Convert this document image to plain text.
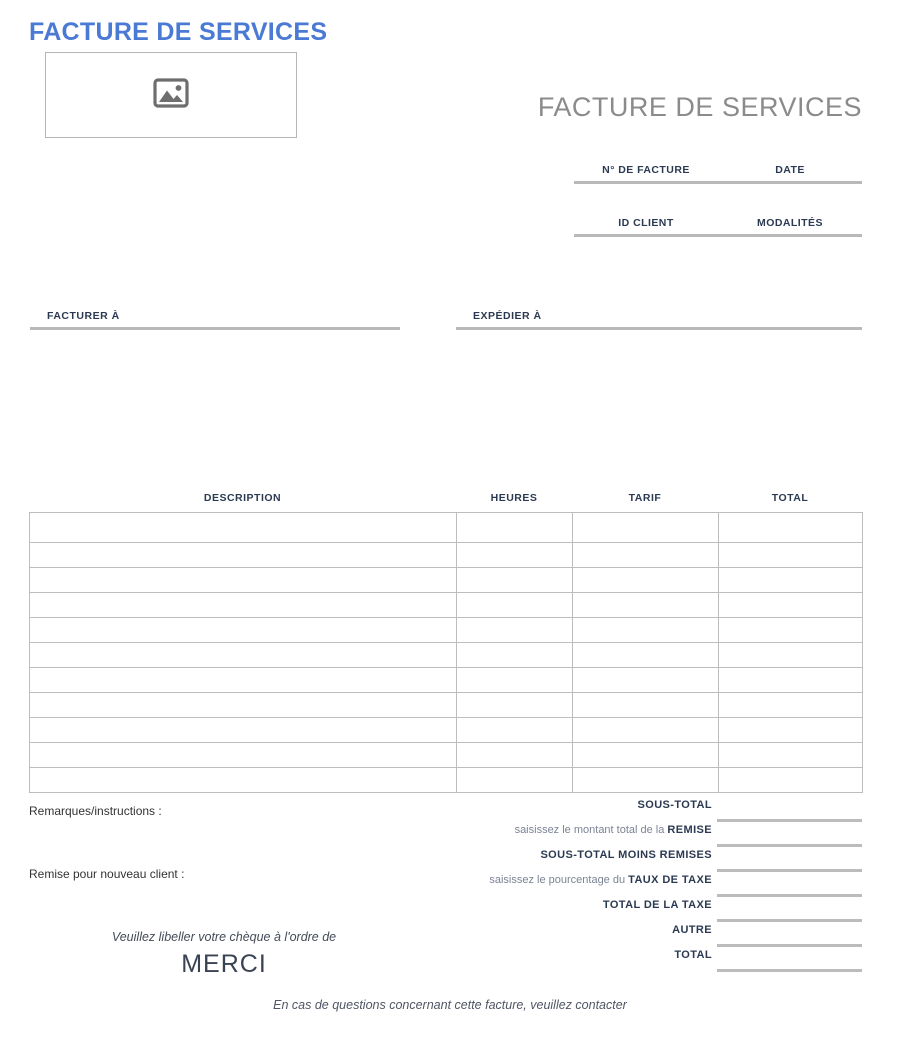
FACTURE DE SERVICES
FACTURE DE SERVICES
N° DE FACTURE	DATE
ID CLIENT	MODALITÉS
FACTURER À	EXPÉDIER À
DESCRIPTION	HEURES	TARIF	TOTAL

Remarques/instructions :
Remise pour nouveau client :
Veuillez libeller votre chèque à l'ordre de
MERCI
En cas de questions concernant cette facture, veuillez contacter
SOUS-TOTAL
saisissez le montant total de la REMISE
SOUS-TOTAL MOINS REMISES
saisissez le pourcentage du TAUX DE TAXE
TOTAL DE LA TAXE
AUTRE
TOTAL
